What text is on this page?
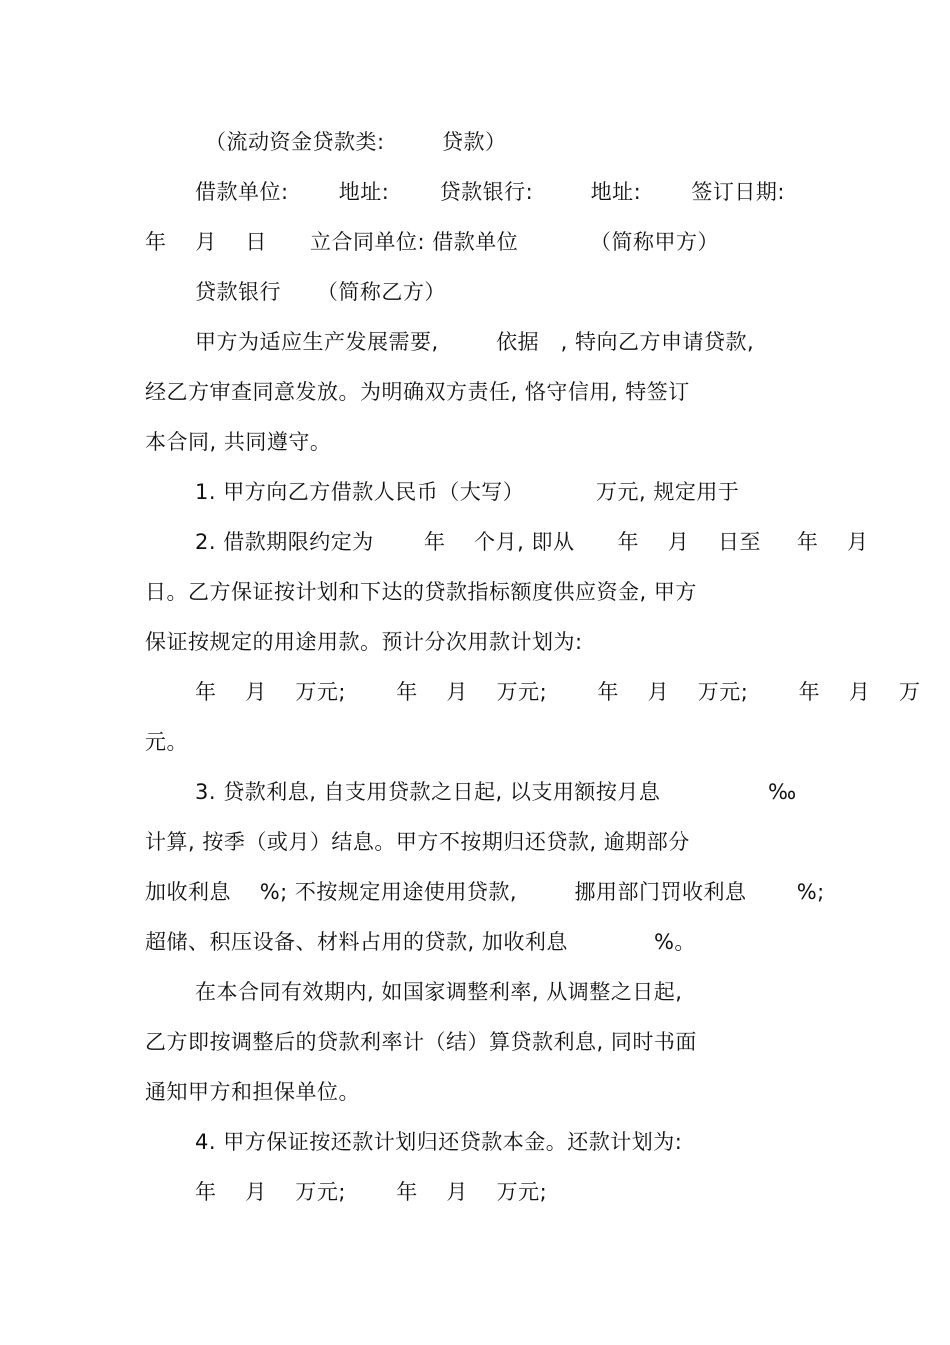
（流动资金贷款类:        贷款）
借款单位:       地址:       贷款银行:        地址:       签订日期:
年    月    日      立合同单位: 借款单位          （简称甲方）
贷款银行     （简称乙方）
甲方为适应生产发展需要,        依据   , 特向乙方申请贷款,
经乙方审查同意发放。为明确双方责任, 恪守信用, 特签订
本合同, 共同遵守。
1. 甲方向乙方借款人民币（大写）          万元, 规定用于
2. 借款期限约定为       年    个月, 即从      年    月    日至     年    月
日。乙方保证按计划和下达的贷款指标额度供应资金, 甲方
保证按规定的用途用款。预计分次用款计划为:
年    月    万元;       年    月    万元;       年    月    万元;       年    月    万
元。
3. 贷款利息, 自支用贷款之日起, 以支用额按月息               ‰
计算, 按季（或月）结息。甲方不按期归还贷款, 逾期部分
加收利息    %; 不按规定用途使用贷款,        挪用部门罚收利息       %;
超储、积压设备、材料占用的贷款, 加收利息            %。
在本合同有效期内, 如国家调整利率, 从调整之日起,
乙方即按调整后的贷款利率计（结）算贷款利息, 同时书面
通知甲方和担保单位。
4. 甲方保证按还款计划归还贷款本金。还款计划为:
年    月    万元;       年    月    万元;
